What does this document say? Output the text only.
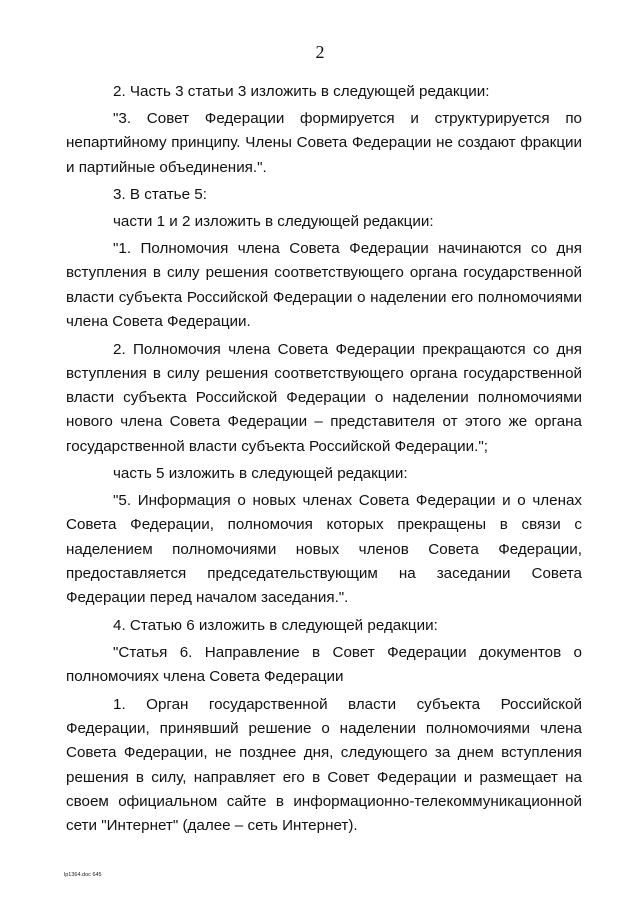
2

2. Часть 3 статьи 3 изложить в следующей редакции:

"3. Совет Федерации формируется и структурируется по непартийному принципу. Члены Совета Федерации не создают фракции и партийные объединения.".

3. В статье 5:

части 1 и 2 изложить в следующей редакции:

"1. Полномочия члена Совета Федерации начинаются со дня вступления в силу решения соответствующего органа государственной власти субъекта Российской Федерации о наделении его полномочиями члена Совета Федерации.

2. Полномочия члена Совета Федерации прекращаются со дня вступления в силу решения соответствующего органа государственной власти субъекта Российской Федерации о наделении полномочиями нового члена Совета Федерации – представителя от этого же органа государственной власти субъекта Российской Федерации.";

часть 5 изложить в следующей редакции:

"5. Информация о новых членах Совета Федерации и о членах Совета Федерации, полномочия которых прекращены в связи с наделением полномочиями новых членов Совета Федерации, предоставляется председательствующим на заседании Совета Федерации перед началом заседания.".

4. Статью 6 изложить в следующей редакции:

"Статья 6. Направление в Совет Федерации документов о полномочиях члена Совета Федерации

1. Орган государственной власти субъекта Российской Федерации, принявший решение о наделении полномочиями члена Совета Федерации, не позднее дня, следующего за днем вступления решения в силу, направляет его в Совет Федерации и размещает на своем официальном сайте в информационно-телекоммуникационной сети "Интернет" (далее – сеть Интернет).

lp1364.doc 645
